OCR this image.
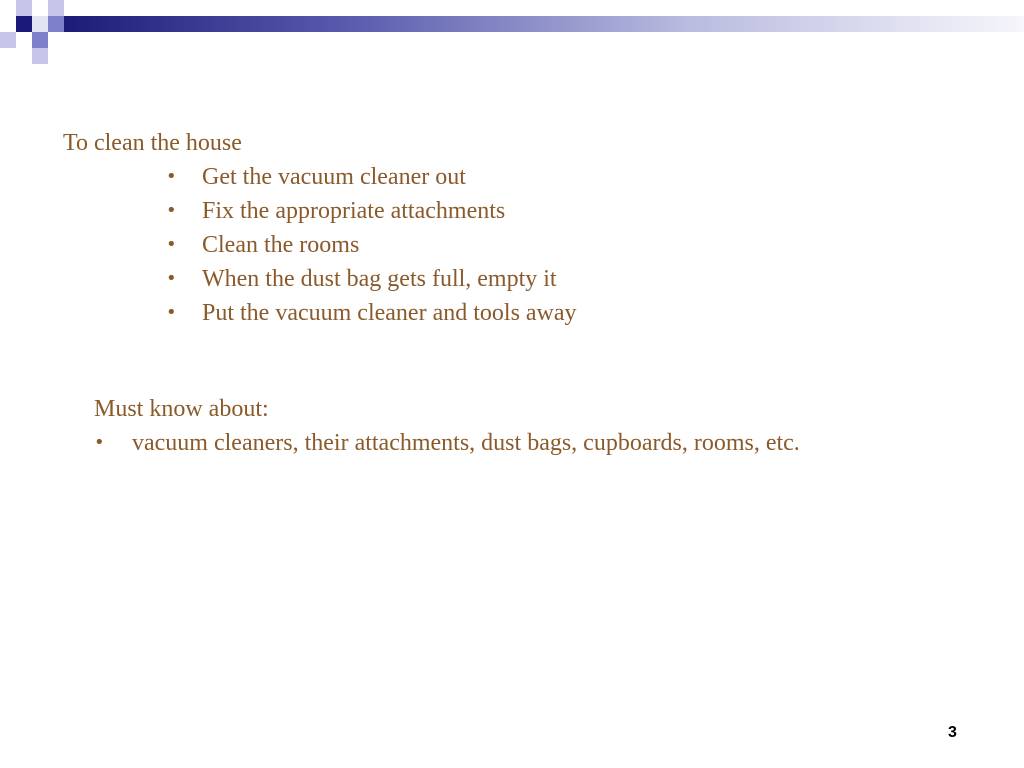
To clean the house
• Get the vacuum cleaner out
• Fix the appropriate attachments
• Clean the rooms
• When the dust bag gets full, empty it
• Put the vacuum cleaner and tools away
Must know about:
• vacuum cleaners, their attachments, dust bags, cupboards, rooms, etc.
3
